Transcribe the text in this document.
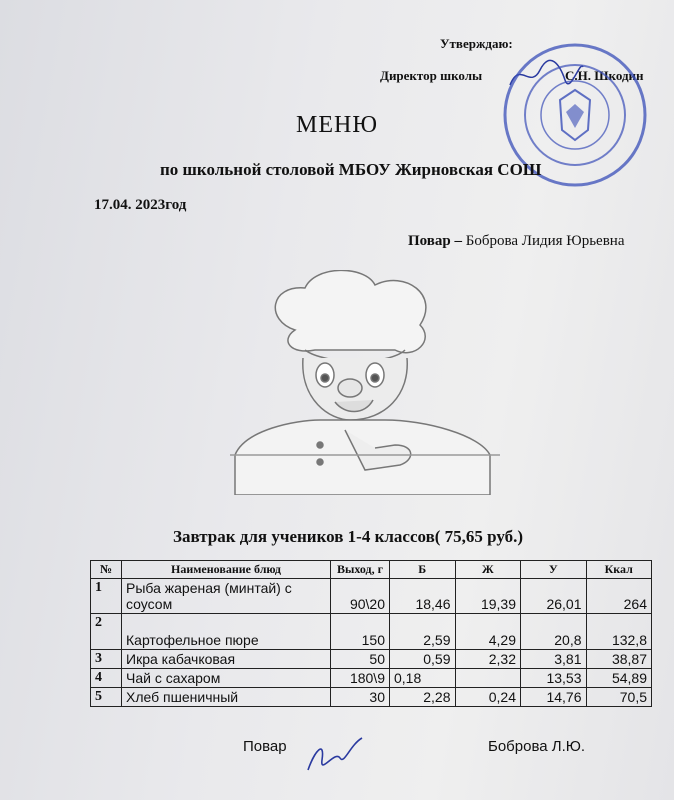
Утверждаю:
Директор школы	С.Н. Шкодин
МЕНЮ
по школьной столовой МБОУ Жирновская СОШ
17.04. 2023год
Повар – Боброва Лидия Юрьевна
Завтрак для учеников 1-4 классов( 75,65 руб.)
№	Наименование блюд	Выход, г	Б	Ж	У	Ккал
1	Рыба жареная (минтай) с соусом	90\20	18,46	19,39	26,01	264
2	Картофельное пюре	150	2,59	4,29	20,8	132,8
3	Икра кабачковая	50	0,59	2,32	3,81	38,87
4	Чай с сахаром	180\9	0,18		13,53	54,89
5	Хлеб пшеничный	30	2,28	0,24	14,76	70,5
Повар	Боброва Л.Ю.
